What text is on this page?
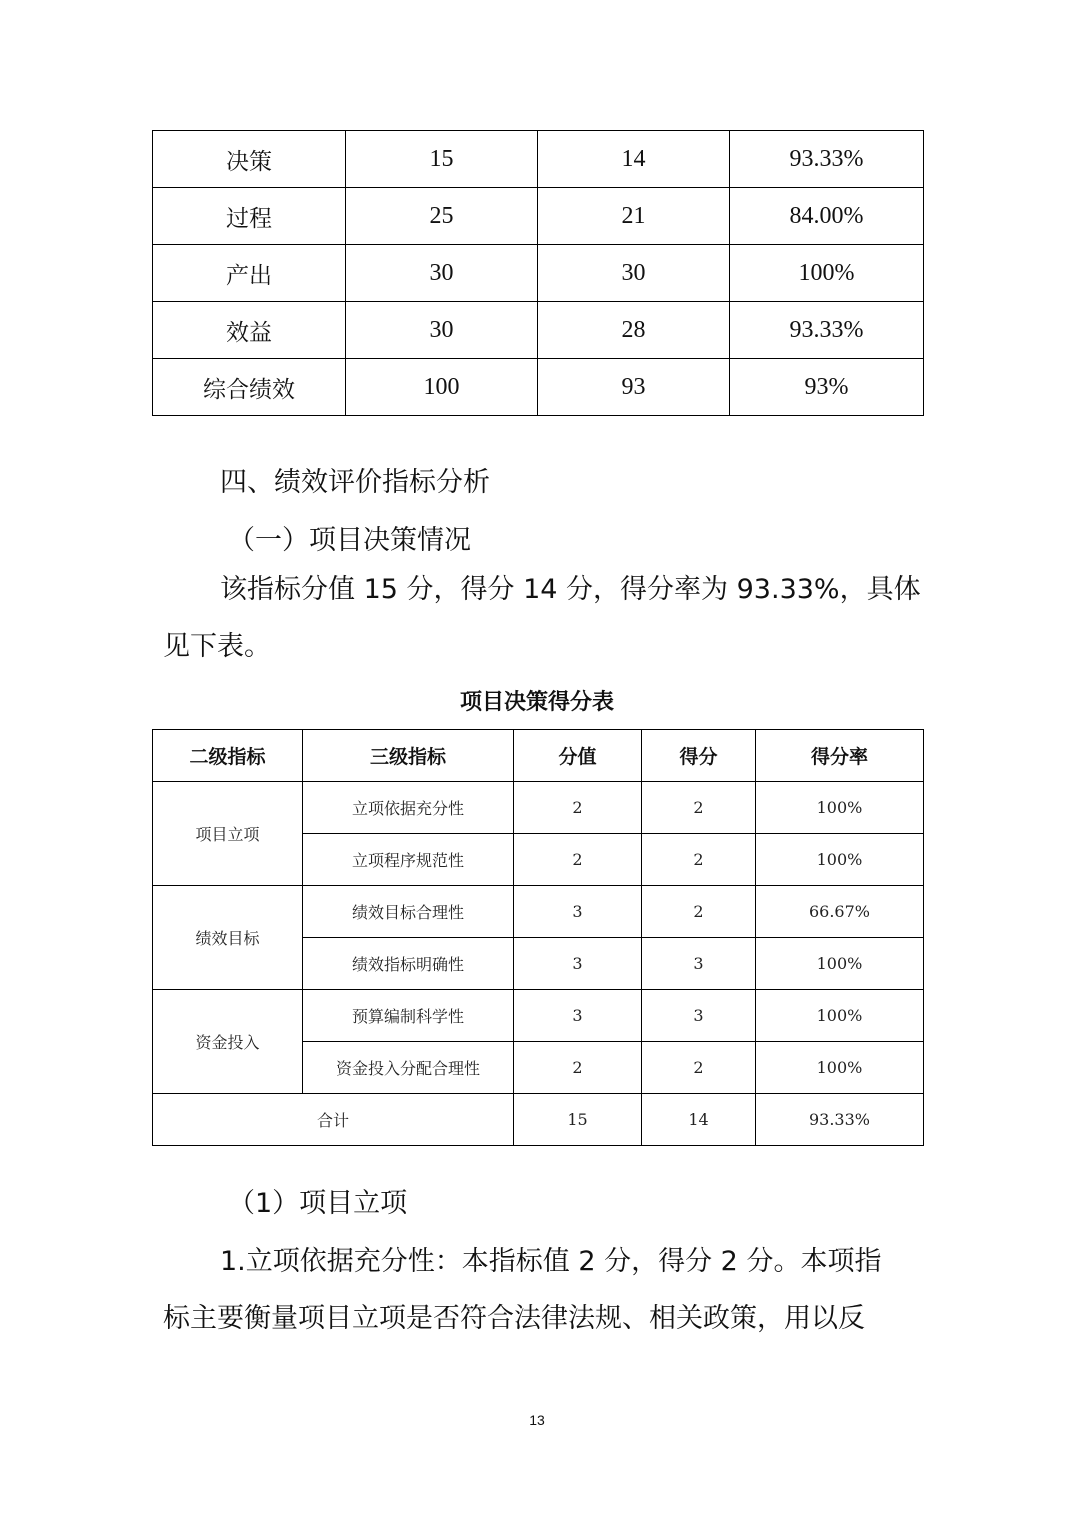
决策	15	14	93.33%
过程	25	21	84.00%
产出	30	30	100%
效益	30	28	93.33%
综合绩效	100	93	93%
四、绩效评价指标分析
（一）项目决策情况
该指标分值 15 分，得分 14 分，得分率为 93.33%，具体
见下表。
项目决策得分表
二级指标	三级指标	分值	得分	得分率
项目立项	立项依据充分性	2	2	100%
	立项程序规范性	2	2	100%
绩效目标	绩效目标合理性	3	2	66.67%
	绩效指标明确性	3	3	100%
资金投入	预算编制科学性	3	3	100%
	资金投入分配合理性	2	2	100%
合计		15	14	93.33%
（1）项目立项
1.立项依据充分性：本指标值 2 分，得分 2 分。本项指
标主要衡量项目立项是否符合法律法规、相关政策，用以反
13
